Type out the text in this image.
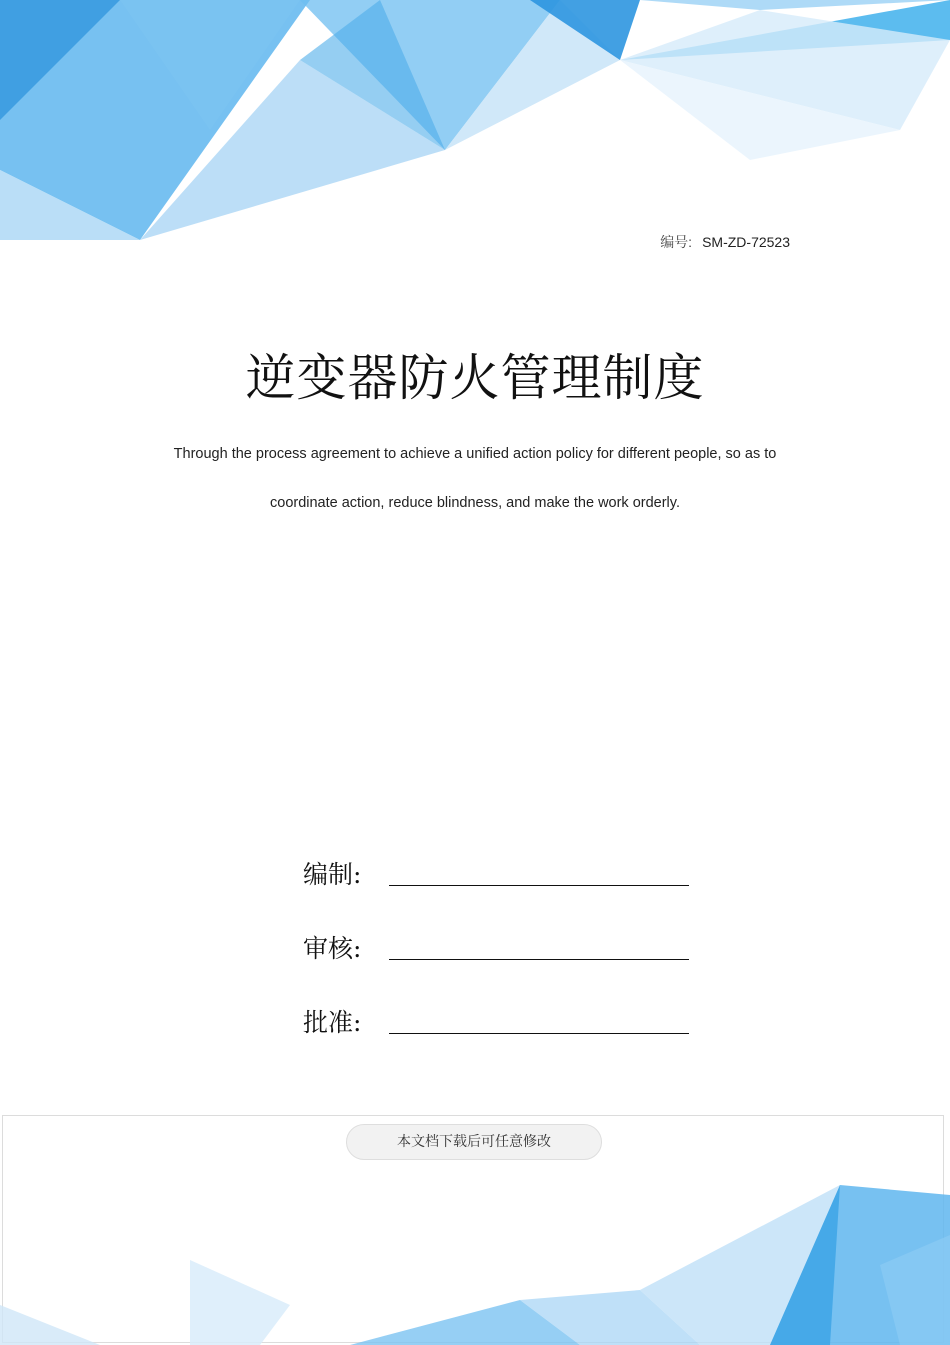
编号: SM-ZD-72523
逆变器防火管理制度
Through the process agreement to achieve a unified action policy for different people, so as to
coordinate action, reduce blindness, and make the work orderly.
编制:
审核:
批准:
本文档下载后可任意修改
